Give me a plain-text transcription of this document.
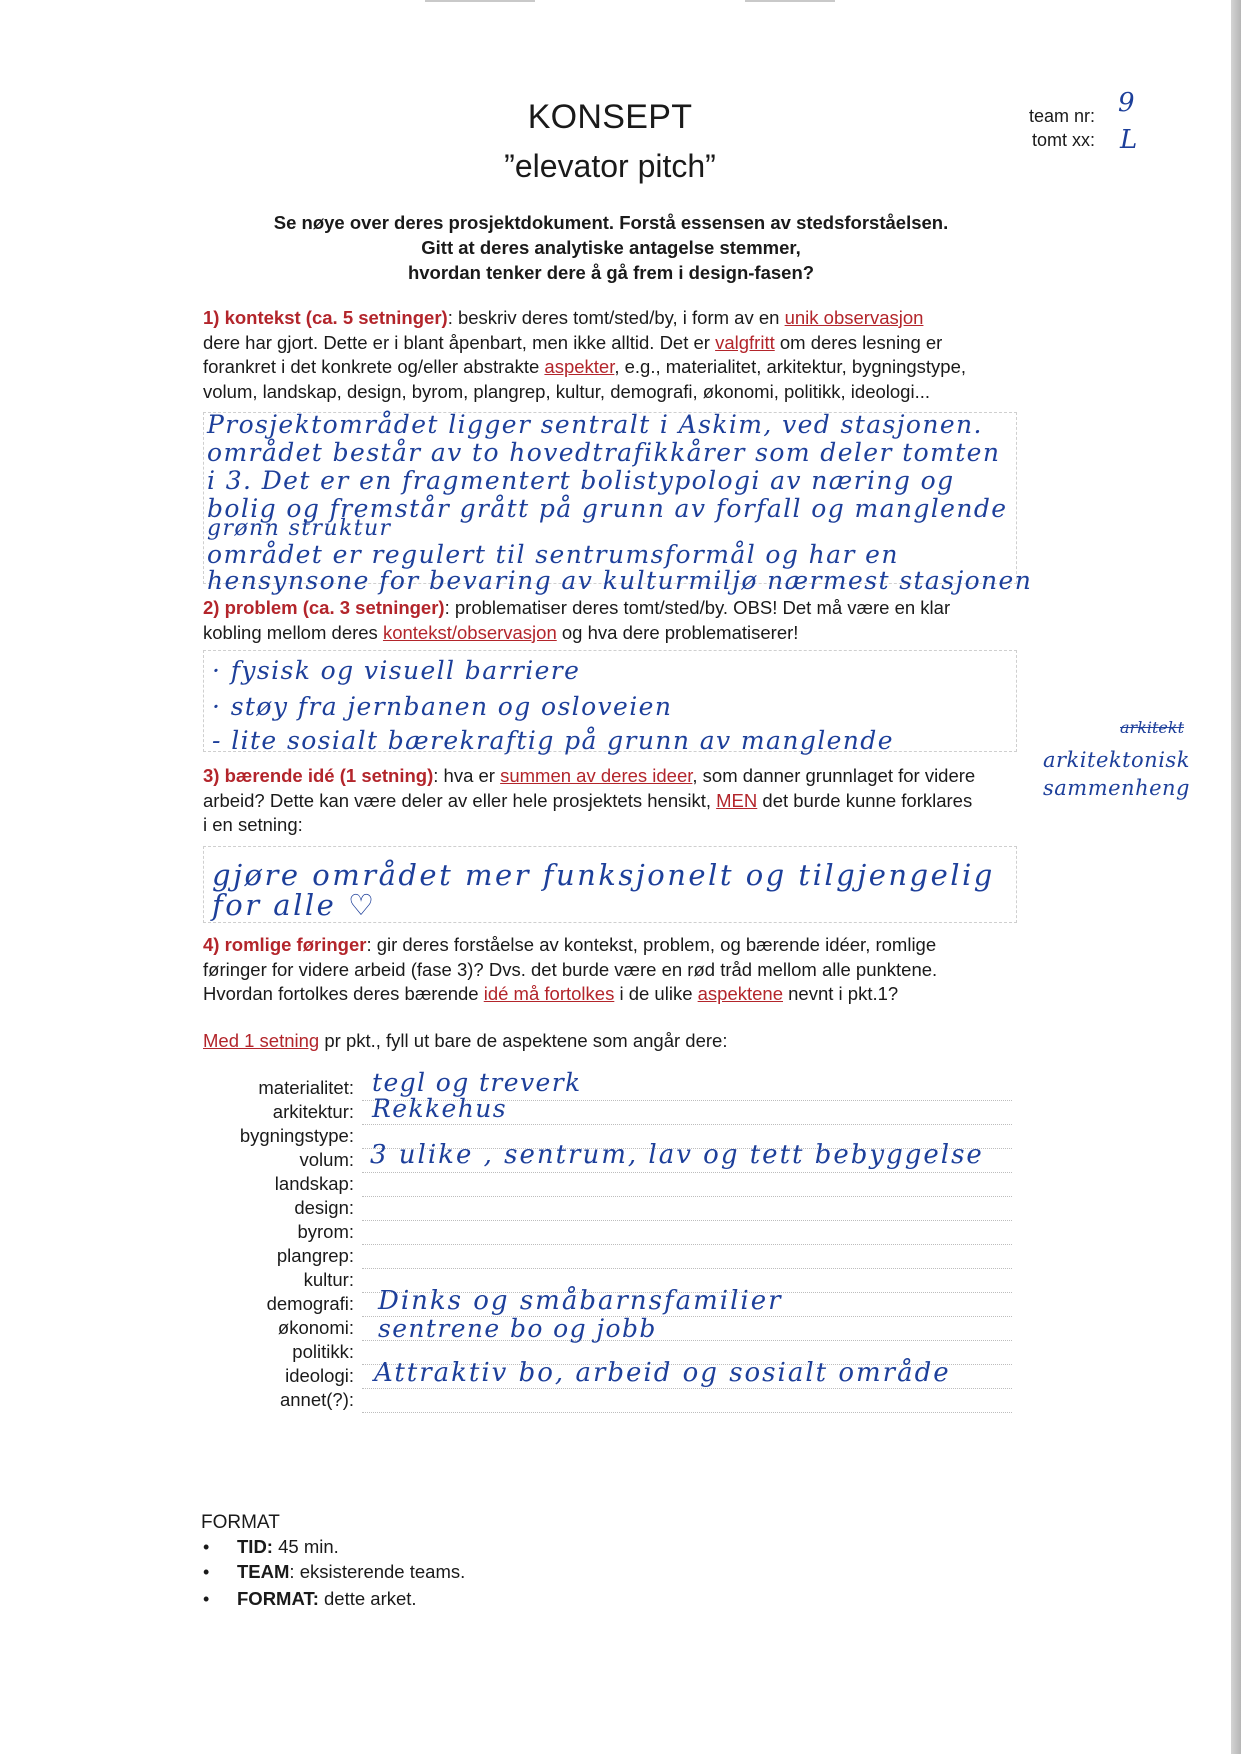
KONSEPT
”elevator pitch”
team nr:
tomt xx:
9
L
Se nøye over deres prosjektdokument. Forstå essensen av stedsforståelsen.
Gitt at deres analytiske antagelse stemmer,
hvordan tenker dere å gå frem i design-fasen?
1) kontekst (ca. 5 setninger): beskriv deres tomt/sted/by, i form av en unik observasjon
dere har gjort. Dette er i blant åpenbart, men ikke alltid. Det er valgfritt om deres lesning er
forankret i det konkrete og/eller abstrakte aspekter, e.g., materialitet, arkitektur, bygningstype,
volum, landskap, design, byrom, plangrep, kultur, demografi, økonomi, politikk, ideologi...
Prosjektområdet ligger sentralt i Askim, ved stasjonen.
området består av to hovedtrafikkårer som deler tomten
i 3. Det er en fragmentert bolistypologi av næring og
bolig og fremstår grått på grunn av forfall og manglende
grønn struktur
området er regulert til sentrumsformål og har en
hensynsone for bevaring av kulturmiljø nærmest stasjonen
2) problem (ca. 3 setninger): problematiser deres tomt/sted/by. OBS! Det må være en klar
kobling mellom deres kontekst/observasjon og hva dere problematiserer!
· fysisk og visuell barriere
· støy fra jernbanen og osloveien
- lite sosialt bærekraftig på grunn av manglende	arkitekt
arkitektonisk
sammenheng
3) bærende idé (1 setning): hva er summen av deres ideer, som danner grunnlaget for videre
arbeid? Dette kan være deler av eller hele prosjektets hensikt, MEN det burde kunne forklares
i en setning:
gjøre området mer funksjonelt og tilgjengelig
for alle ♡
4) romlige føringer: gir deres forståelse av kontekst, problem, og bærende idéer, romlige
føringer for videre arbeid (fase 3)? Dvs. det burde være en rød tråd mellom alle punktene.
Hvordan fortolkes deres bærende idé må fortolkes i de ulike aspektene nevnt i pkt.1?
Med 1 setning pr pkt., fyll ut bare de aspektene som angår dere:
materialitet: tegl og treverk
arkitektur: Rekkehus
bygningstype:
volum: 3 ulike , sentrum, lav og tett bebyggelse
landskap:
design:
byrom:
plangrep:
kultur:
demografi: Dinks og småbarnsfamilier
økonomi: sentrene bo og jobb
politikk:
ideologi: Attraktiv bo, arbeid og sosialt område
annet(?):
FORMAT
• TID: 45 min.
• TEAM: eksisterende teams.
• FORMAT: dette arket.
